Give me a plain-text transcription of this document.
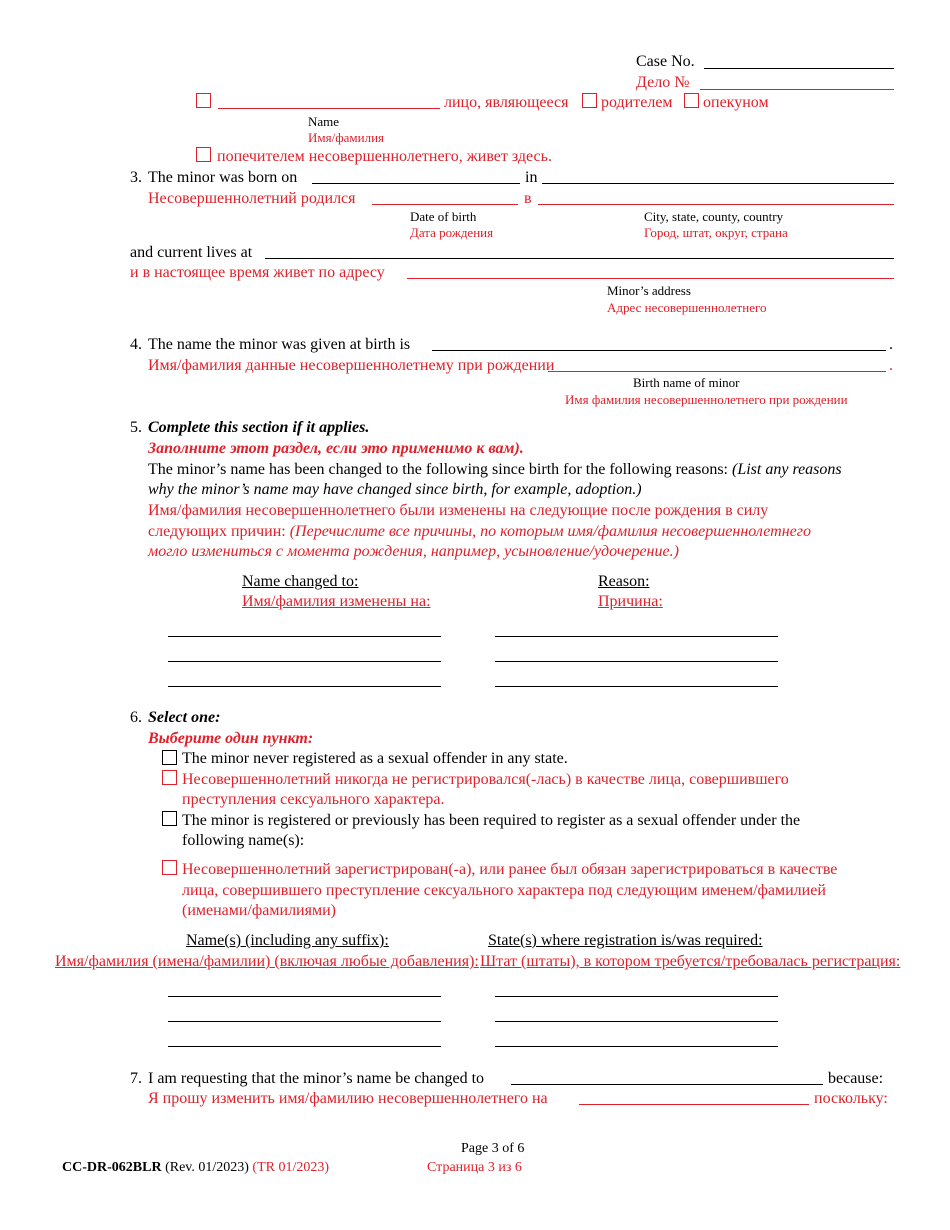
Case No.
Дело №
лицо, являющееся родителем опекуном
Name
Имя/фамилия
попечителем несовершеннолетнего, живет здесь.
3. The minor was born on	in
Несовершеннолетний родился	в
Date of birth
Дата рождения
City, state, county, country
Город, штат, округ, страна
and current lives at
и в настоящее время живет по адресу
Minor’s address
Адрес несовершеннолетнего
4. The name the minor was given at birth is	.
Имя/фамилия данные несовершеннолетнему при рождении	.
Birth name of minor
Имя фамилия несовершеннолетнего при рождении
5. Complete this section if it applies.
Заполните этот раздел, если это применимо к вам).
The minor’s name has been changed to the following since birth for the following reasons: (List any reasons
why the minor’s name may have changed since birth, for example, adoption.)
Имя/фамилия несовершеннолетнего были изменены на следующие после рождения в силу
следующих причин: (Перечислите все причины, по которым имя/фамилия несовершеннолетнего
могло измениться с момента рождения, например, усыновление/удочерение.)
Name changed to:
Имя/фамилия изменены на:
Reason:
Причина:
6. Select one:
Выберите один пункт:
The minor never registered as a sexual offender in any state.
Несовершеннолетний никогда не регистрировался(-лась) в качестве лица, совершившего
преступления сексуального характера.
The minor is registered or previously has been required to register as a sexual offender under the
following name(s):
Несовершеннолетний зарегистрирован(-а), или ранее был обязан зарегистрироваться в качестве
лица, совершившего преступление сексуального характера под следующим именем/фамилией
(именами/фамилиями)
Name(s) (including any suffix):
Имя/фамилия (имена/фамилии) (включая любые добавления):
State(s) where registration is/was required:
Штат (штаты), в котором требуется/требовалась регистрация:
7. I am requesting that the minor’s name be changed to	because:
Я прошу изменить имя/фамилию несовершеннолетнего на	поскольку:
Page 3 of 6
Страница 3 из 6
CC-DR-062BLR (Rev. 01/2023) (TR 01/2023)
